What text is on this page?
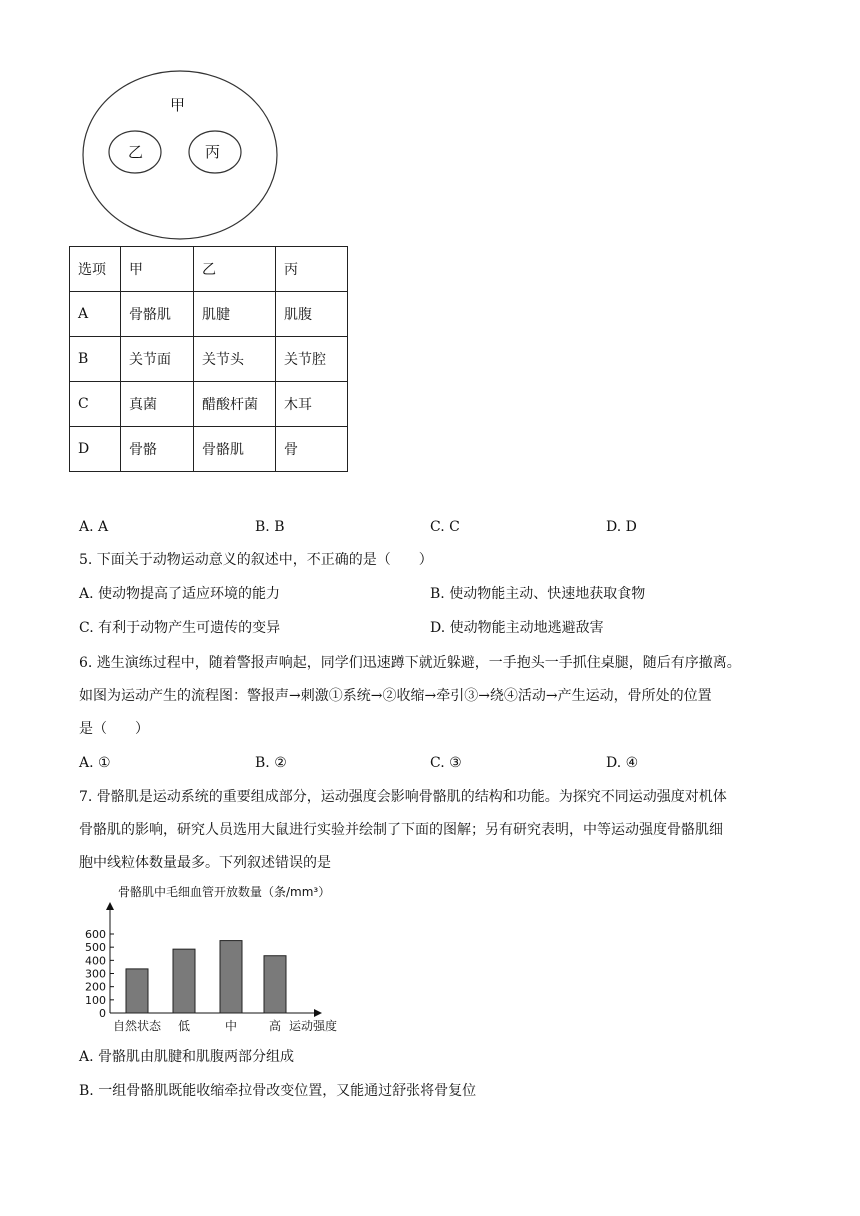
甲
乙	丙
选项	甲	乙	丙
A	骨骼肌	肌腱	肌腹
B	关节面	关节头	关节腔
C	真菌	醋酸杆菌	木耳
D	骨骼	骨骼肌	骨
A. A	B. B	C. C	D. D
5. 下面关于动物运动意义的叙述中，不正确的是（　　）
A. 使动物提高了适应环境的能力	B. 使动物能主动、快速地获取食物
C. 有利于动物产生可遗传的变异	D. 使动物能主动地逃避敌害
6. 逃生演练过程中，随着警报声响起，同学们迅速蹲下就近躲避，一手抱头一手抓住桌腿，随后有序撤离。
如图为运动产生的流程图：警报声→刺激①系统→②收缩→牵引③→绕④活动→产生运动，骨所处的位置
是（　　）
A. ①	B. ②	C. ③	D. ④
7. 骨骼肌是运动系统的重要组成部分，运动强度会影响骨骼肌的结构和功能。为探究不同运动强度对机体
骨骼肌的影响，研究人员选用大鼠进行实验并绘制了下面的图解；另有研究表明，中等运动强度骨骼肌细
胞中线粒体数量最多。下列叙述错误的是
骨骼肌中毛细血管开放数量（条/mm³）
0
100
200
300
400
500
600
自然状态 低	中	高 运动强度
A. 骨骼肌由肌腱和肌腹两部分组成
B. 一组骨骼肌既能收缩牵拉骨改变位置，又能通过舒张将骨复位
